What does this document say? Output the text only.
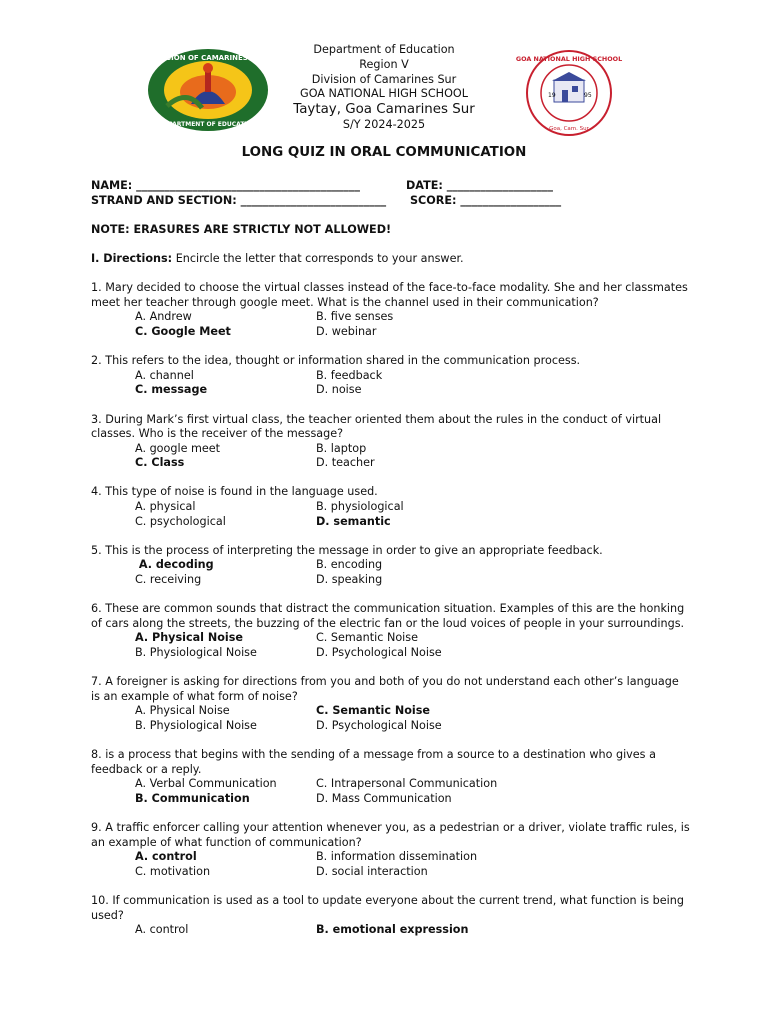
DIVISION OF CAMARINES SUR
DEPARTMENT OF EDUCATION
19	95
GOA NATIONAL HIGH SCHOOL
Goa, Cam. Sur
Department of Education
Region V
Division of Camarines Sur
GOA NATIONAL HIGH SCHOOL
Taytay, Goa Camarines Sur
S/Y 2024-2025
LONG QUIZ IN ORAL COMMUNICATION
NAME: ________________________________________	DATE: ___________________
STRAND AND SECTION: __________________________ SCORE: __________________
NOTE: ERASURES ARE STRICTLY NOT ALLOWED!
I. Directions: Encircle the letter that corresponds to your answer.
1. Mary decided to choose the virtual classes instead of the face-to-face modality. She and her classmates meet her teacher through google meet. What is the channel used in their communication?
A. Andrew	B. five senses
C. Google Meet	D. webinar
2. This refers to the idea, thought or information shared in the communication process.
A. channel	B. feedback
C. message	D. noise
3. During Mark’s first virtual class, the teacher oriented them about the rules in the conduct of virtual classes. Who is the receiver of the message?
A. google meet	B. laptop
C. Class	D. teacher
4. This type of noise is found in the language used.
A. physical	B. physiological
C. psychological	D. semantic
5. This is the process of interpreting the message in order to give an appropriate feedback.
A. decoding	B. encoding
C. receiving	D. speaking
6. These are common sounds that distract the communication situation. Examples of this are the honking of cars along the streets, the buzzing of the electric fan or the loud voices of people in your surroundings.
A. Physical Noise	C. Semantic Noise
B. Physiological Noise	D. Psychological Noise
7. A foreigner is asking for directions from you and both of you do not understand each other’s language is an example of what form of noise?
A. Physical Noise	C. Semantic Noise
B. Physiological Noise	D. Psychological Noise
8. is a process that begins with the sending of a message from a source to a destination who gives a feedback or a reply.
A. Verbal Communication	C. Intrapersonal Communication
B. Communication	D. Mass Communication
9. A traffic enforcer calling your attention whenever you, as a pedestrian or a driver, violate traffic rules, is an example of what function of communication?
A. control	B. information dissemination
C. motivation	D. social interaction
10. If communication is used as a tool to update everyone about the current trend, what function is being used?
A. control	B. emotional expression
